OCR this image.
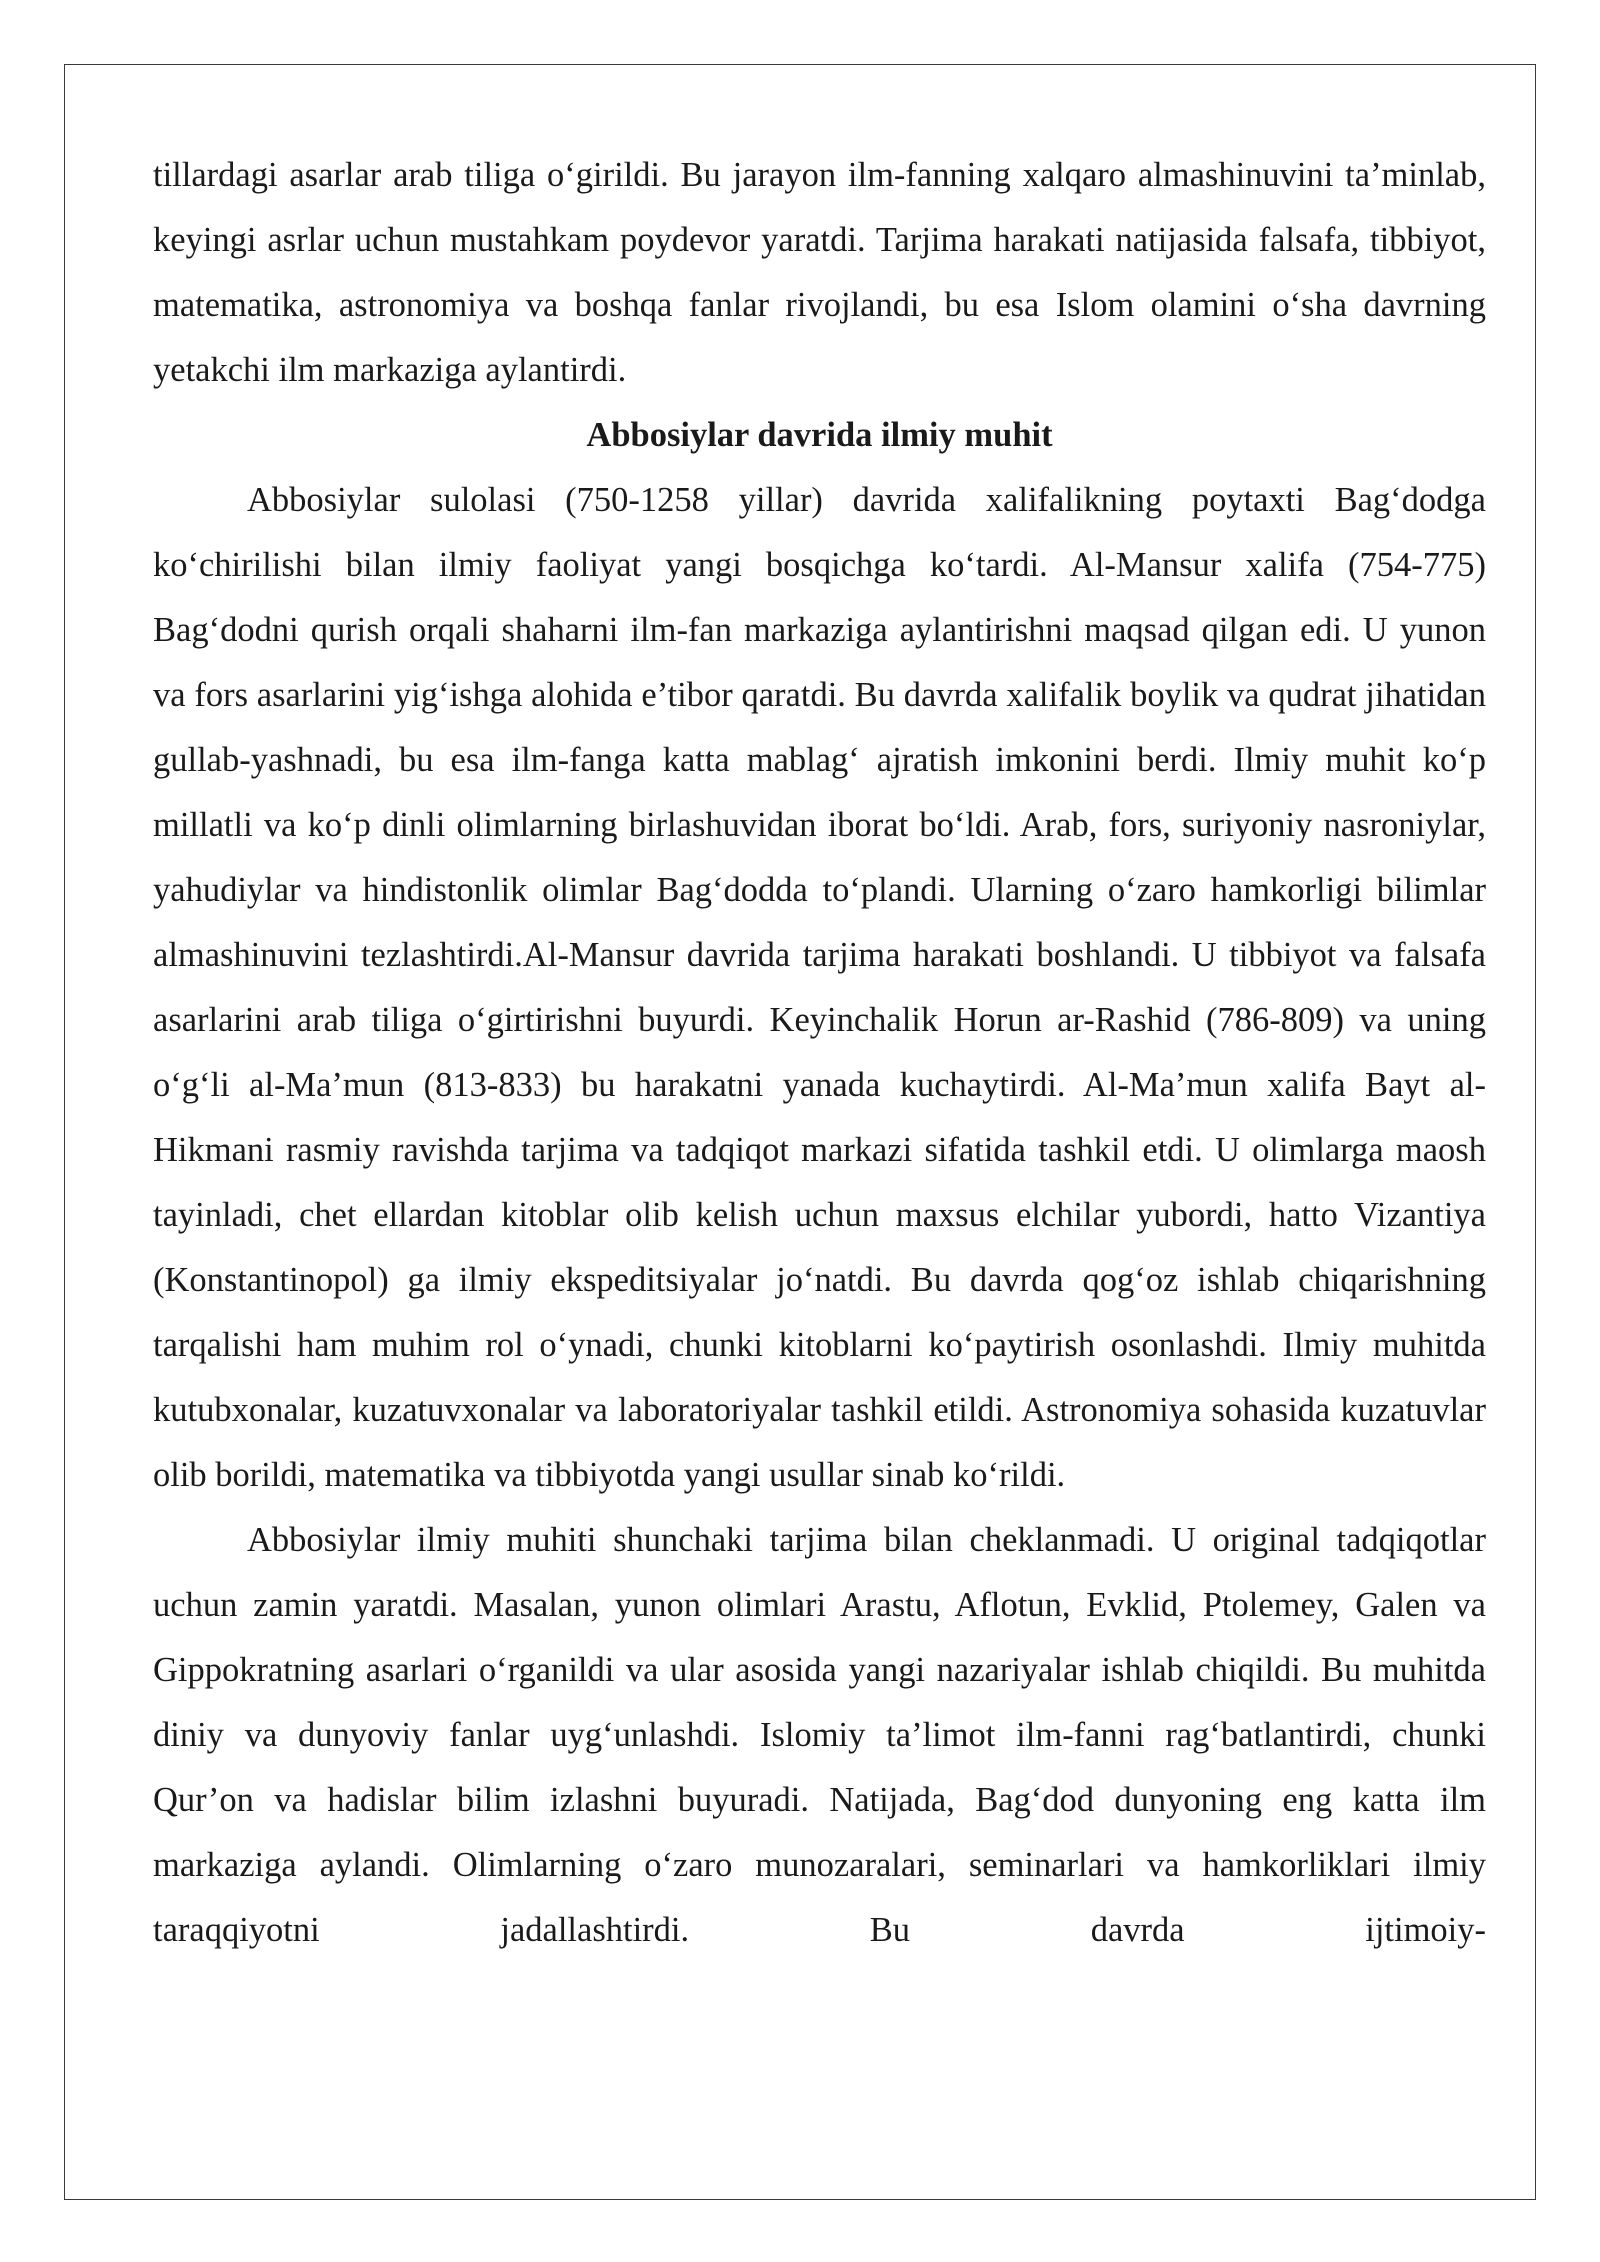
tillardagi asarlar arab tiliga o‘girildi. Bu jarayon ilm-fanning xalqaro almashinuvini ta’minlab, keyingi asrlar uchun mustahkam poydevor yaratdi. Tarjima harakati natijasida falsafa, tibbiyot, matematika, astronomiya va boshqa fanlar rivojlandi, bu esa Islom olamini o‘sha davrning yetakchi ilm markaziga aylantirdi.

Abbosiylar davrida ilmiy muhit

Abbosiylar sulolasi (750-1258 yillar) davrida xalifalikning poytaxti Bag‘dodga ko‘chirilishi bilan ilmiy faoliyat yangi bosqichga ko‘tardi. Al-Mansur xalifa (754-775) Bag‘dodni qurish orqali shaharni ilm-fan markaziga aylantirishni maqsad qilgan edi. U yunon va fors asarlarini yig‘ishga alohida e’tibor qaratdi. Bu davrda xalifalik boylik va qudrat jihatidan gullab-yashnadi, bu esa ilm-fanga katta mablag‘ ajratish imkonini berdi. Ilmiy muhit ko‘p millatli va ko‘p dinli olimlarning birlashuvidan iborat bo‘ldi. Arab, fors, suriyoniy nasroniylar, yahudiylar va hindistonlik olimlar Bag‘dodda to‘plandi. Ularning o‘zaro hamkorligi bilimlar almashinuvini tezlashtirdi.Al-Mansur davrida tarjima harakati boshlandi. U tibbiyot va falsafa asarlarini arab tiliga o‘girtirishni buyurdi. Keyinchalik Horun ar-Rashid (786-809) va uning o‘g‘li al-Ma’mun (813-833) bu harakatni yanada kuchaytirdi. Al-Ma’mun xalifa Bayt al-Hikmani rasmiy ravishda tarjima va tadqiqot markazi sifatida tashkil etdi. U olimlarga maosh tayinladi, chet ellardan kitoblar olib kelish uchun maxsus elchilar yubordi, hatto Vizantiya (Konstantinopol) ga ilmiy ekspeditsiyalar jo‘natdi. Bu davrda qog‘oz ishlab chiqarishning tarqalishi ham muhim rol o‘ynadi, chunki kitoblarni ko‘paytirish osonlashdi. Ilmiy muhitda kutubxonalar, kuzatuvxonalar va laboratoriyalar tashkil etildi. Astronomiya sohasida kuzatuvlar olib borildi, matematika va tibbiyotda yangi usullar sinab ko‘rildi.

Abbosiylar ilmiy muhiti shunchaki tarjima bilan cheklanmadi. U original tadqiqotlar uchun zamin yaratdi. Masalan, yunon olimlari Arastu, Aflotun, Evklid, Ptolemey, Galen va Gippokratning asarlari o‘rganildi va ular asosida yangi nazariyalar ishlab chiqildi. Bu muhitda diniy va dunyoviy fanlar uyg‘unlashdi. Islomiy ta’limot ilm-fanni rag‘batlantirdi, chunki Qur’on va hadislar bilim izlashni buyuradi. Natijada, Bag‘dod dunyoning eng katta ilm markaziga aylandi. Olimlarning o‘zaro munozaralari, seminarlari va hamkorliklari ilmiy taraqqiyotni jadallashtirdi. Bu davrda ijtimoiy-
